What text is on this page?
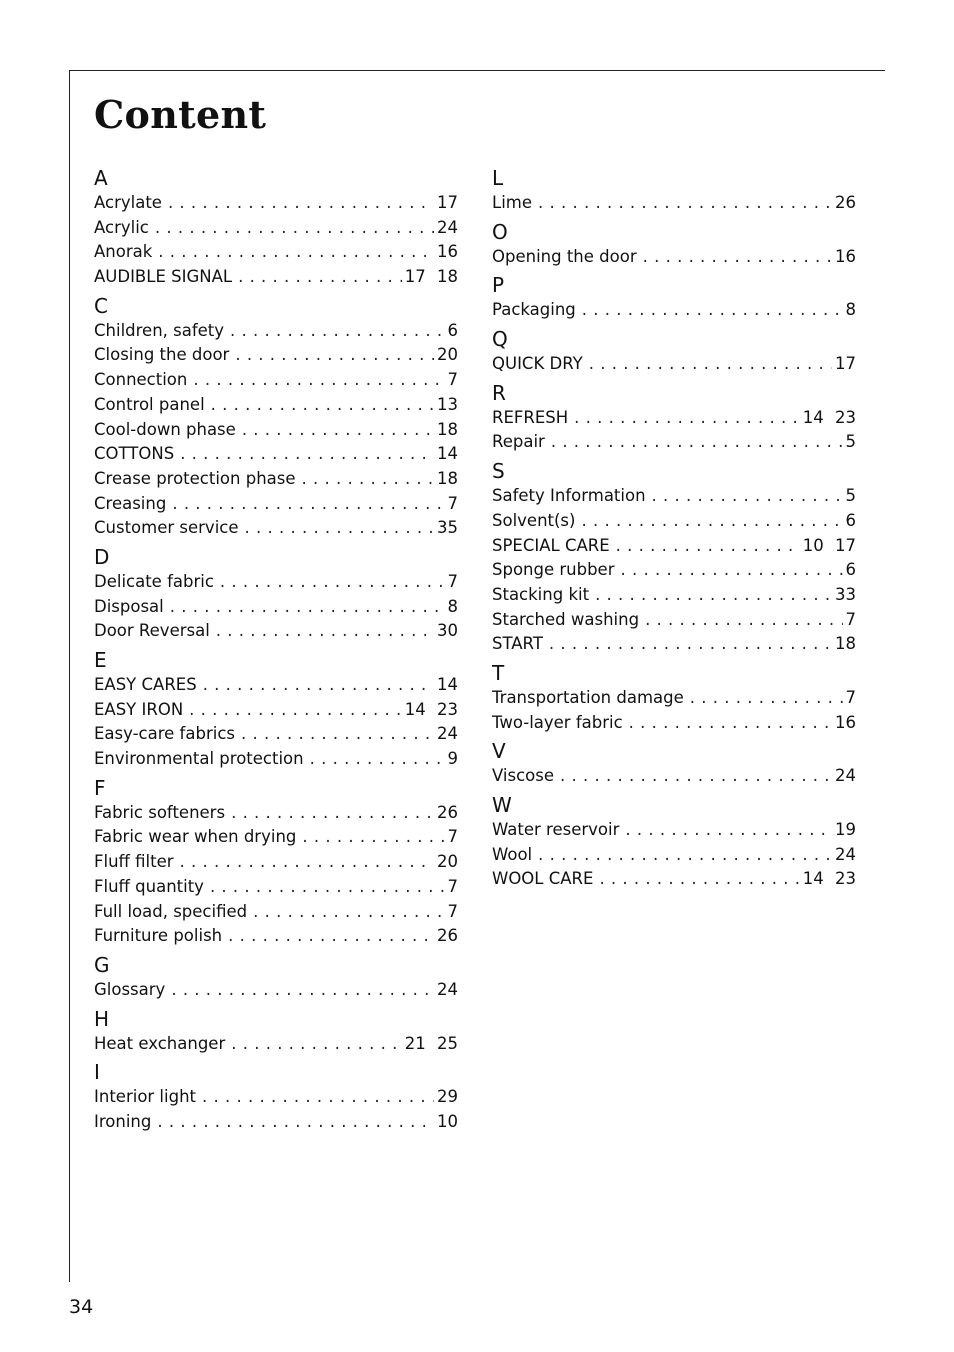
Content
A
Acrylate . . .	17
Acrylic . . .	24
Anorak . . .	16
AUDIBLE SIGNAL . . .	17 18
C
Children, safety . . .	6
Closing the door . . .	20
Connection . . .	7
Control panel . . .	13
Cool-down phase . . .	18
COTTONS . . .	14
Crease protection phase . . .	18
Creasing . . .	7
Customer service . . .	35
D
Delicate fabric . . .	7
Disposal . . .	8
Door Reversal . . .	30
E
EASY CARES . . .	14
EASY IRON . . .	14 23
Easy-care fabrics . . .	24
Environmental protection . . .	9
F
Fabric softeners . . .	26
Fabric wear when drying . . .	7
Fluff filter . . .	20
Fluff quantity . . .	7
Full load, specified . . .	7
Furniture polish . . .	26
G
Glossary . . .	24
H
Heat exchanger . . .	21 25
I
Interior light . . .	29
Ironing . . .	10
L
Lime . . .	26
O
Opening the door . . .	16
P
Packaging . . .	8
Q
QUICK DRY . . .	17
R
REFRESH . . .	14 23
Repair . . .	5
S
Safety Information . . .	5
Solvent(s) . . .	6
SPECIAL CARE . . .	10 17
Sponge rubber . . .	6
Stacking kit . . .	33
Starched washing . . .	7
START . . .	18
T
Transportation damage . . .	7
Two-layer fabric . . .	16
V
Viscose . . .	24
W
Water reservoir . . .	19
Wool . . .	24
WOOL CARE . . .	14 23
34
